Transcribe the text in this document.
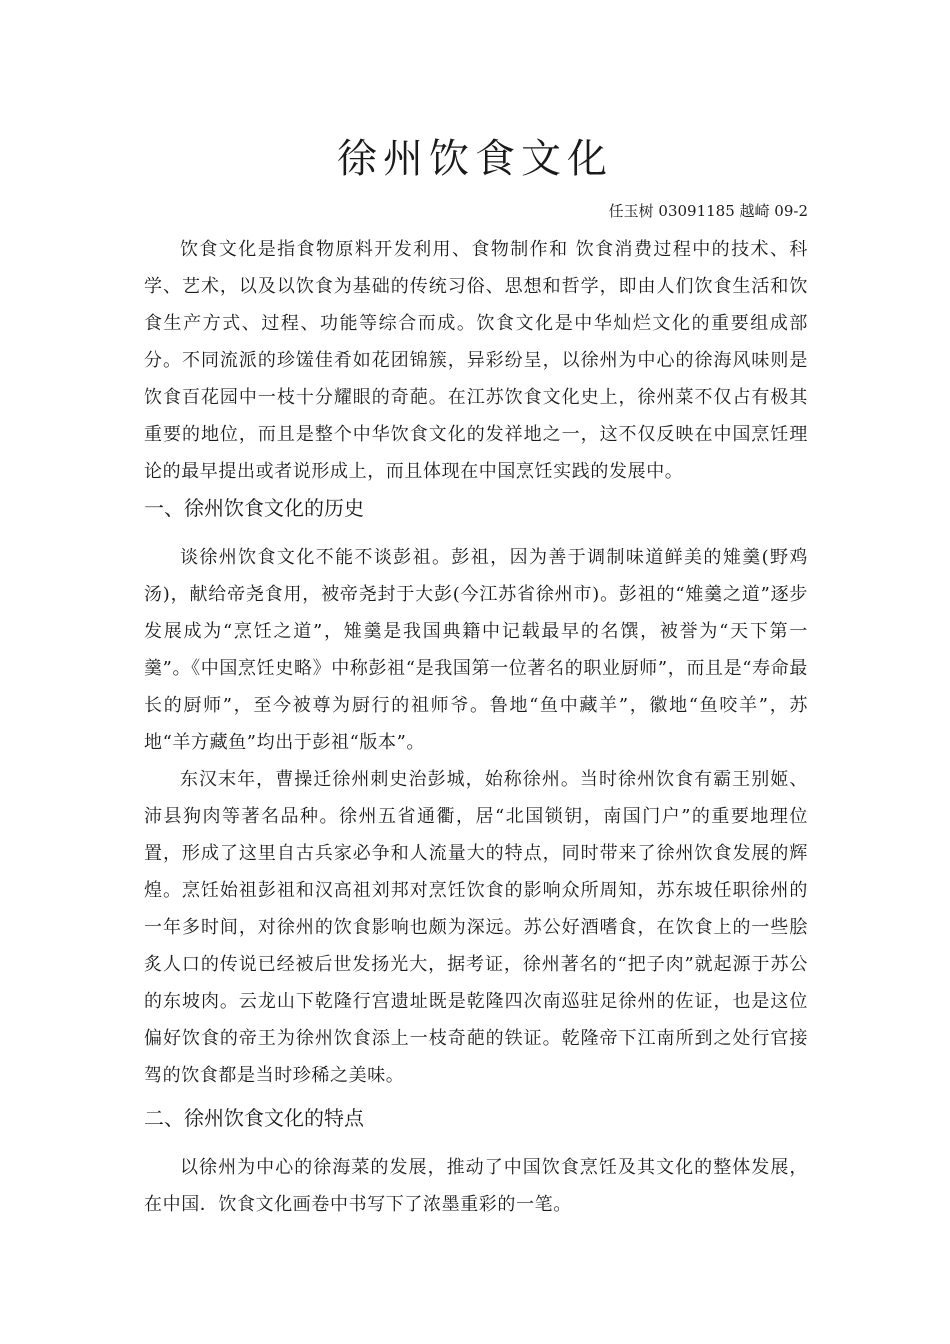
徐州饮食文化
任玉树 03091185 越崎 09-2

饮食文化是指食物原料开发利用、食物制作和 饮食消费过程中的技术、科学、艺术，以及以饮食为基础的传统习俗、思想和哲学，即由人们饮食生活和饮食生产方式、过程、功能等综合而成。饮食文化是中华灿烂文化的重要组成部分。不同流派的珍馐佳肴如花团锦簇，异彩纷呈，以徐州为中心的徐海风味则是饮食百花园中一枝十分耀眼的奇葩。在江苏饮食文化史上，徐州菜不仅占有极其重要的地位，而且是整个中华饮食文化的发祥地之一，这不仅反映在中国烹饪理论的最早提出或者说形成上，而且体现在中国烹饪实践的发展中。

一、徐州饮食文化的历史

谈徐州饮食文化不能不谈彭祖。彭祖，因为善于调制味道鲜美的雉羹(野鸡汤)，献给帝尧食用，被帝尧封于大彭(今江苏省徐州市)。彭祖的“雉羹之道”逐步发展成为“烹饪之道”，雉羹是我国典籍中记载最早的名馔，被誉为“天下第一羹”。《中国烹饪史略》中称彭祖“是我国第一位著名的职业厨师”，而且是“寿命最长的厨师”，至今被尊为厨行的祖师爷。鲁地“鱼中藏羊”，徽地“鱼咬羊”，苏地“羊方藏鱼”均出于彭祖“版本”。

东汉末年，曹操迁徐州刺史治彭城，始称徐州。当时徐州饮食有霸王别姬、沛县狗肉等著名品种。徐州五省通衢，居“北国锁钥，南国门户”的重要地理位置，形成了这里自古兵家必争和人流量大的特点，同时带来了徐州饮食发展的辉煌。烹饪始祖彭祖和汉高祖刘邦对烹饪饮食的影响众所周知，苏东坡任职徐州的一年多时间，对徐州的饮食影响也颇为深远。苏公好酒嗜食，在饮食上的一些脍炙人口的传说已经被后世发扬光大，据考证，徐州著名的“把子肉”就起源于苏公的东坡肉。云龙山下乾隆行宫遗址既是乾隆四次南巡驻足徐州的佐证，也是这位偏好饮食的帝王为徐州饮食添上一枝奇葩的铁证。乾隆帝下江南所到之处行官接驾的饮食都是当时珍稀之美味。

二、徐州饮食文化的特点

以徐州为中心的徐海菜的发展，推动了中国饮食烹饪及其文化的整体发展，在中国．饮食文化画卷中书写下了浓墨重彩的一笔。
